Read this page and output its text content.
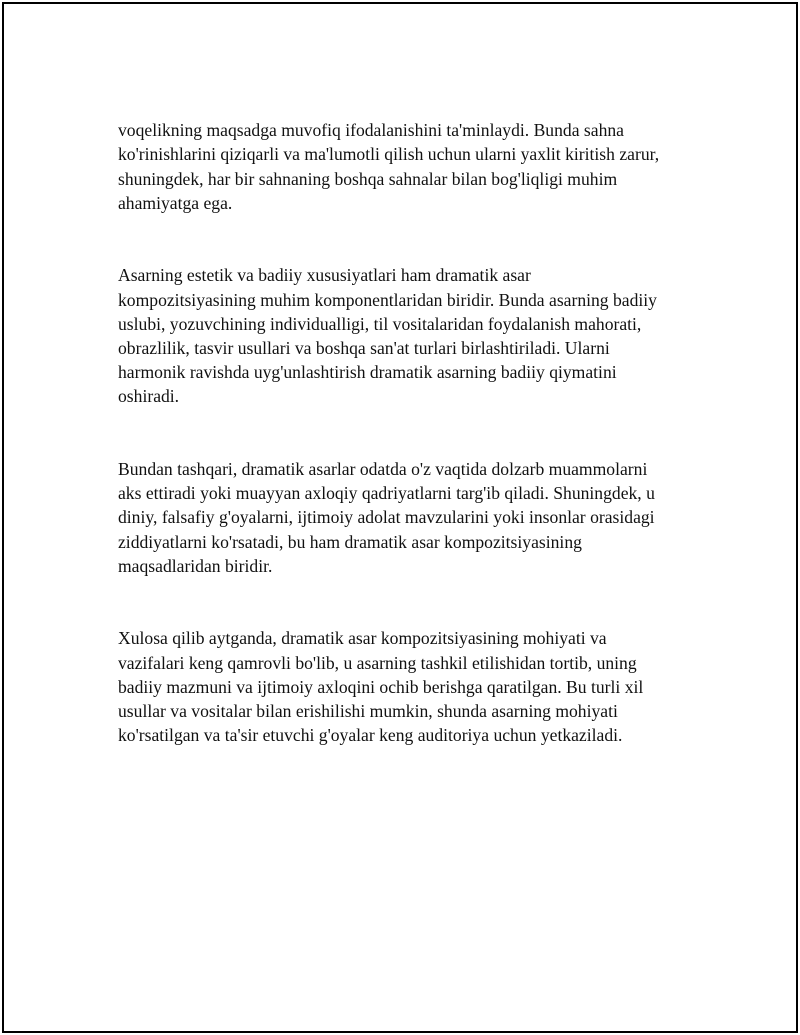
voqelikning maqsadga muvofiq ifodalanishini ta'minlaydi. Bunda sahna
ko'rinishlarini qiziqarli va ma'lumotli qilish uchun ularni yaxlit kiritish zarur,
shuningdek, har bir sahnaning boshqa sahnalar bilan bog'liqligi muhim
ahamiyatga ega.

Asarning estetik va badiiy xususiyatlari ham dramatik asar
kompozitsiyasining muhim komponentlaridan biridir. Bunda asarning badiiy
uslubi, yozuvchining individualligi, til vositalaridan foydalanish mahorati,
obrazlilik, tasvir usullari va boshqa san'at turlari birlashtiriladi. Ularni
harmonik ravishda uyg'unlashtirish dramatik asarning badiiy qiymatini
oshiradi.

Bundan tashqari, dramatik asarlar odatda o'z vaqtida dolzarb muammolarni
aks ettiradi yoki muayyan axloqiy qadriyatlarni targ'ib qiladi. Shuningdek, u
diniy, falsafiy g'oyalarni, ijtimoiy adolat mavzularini yoki insonlar orasidagi
ziddiyatlarni ko'rsatadi, bu ham dramatik asar kompozitsiyasining
maqsadlaridan biridir.

Xulosa qilib aytganda, dramatik asar kompozitsiyasining mohiyati va
vazifalari keng qamrovli bo'lib, u asarning tashkil etilishidan tortib, uning
badiiy mazmuni va ijtimoiy axloqini ochib berishga qaratilgan. Bu turli xil
usullar va vositalar bilan erishilishi mumkin, shunda asarning mohiyati
ko'rsatilgan va ta'sir etuvchi g'oyalar keng auditoriya uchun yetkaziladi.
